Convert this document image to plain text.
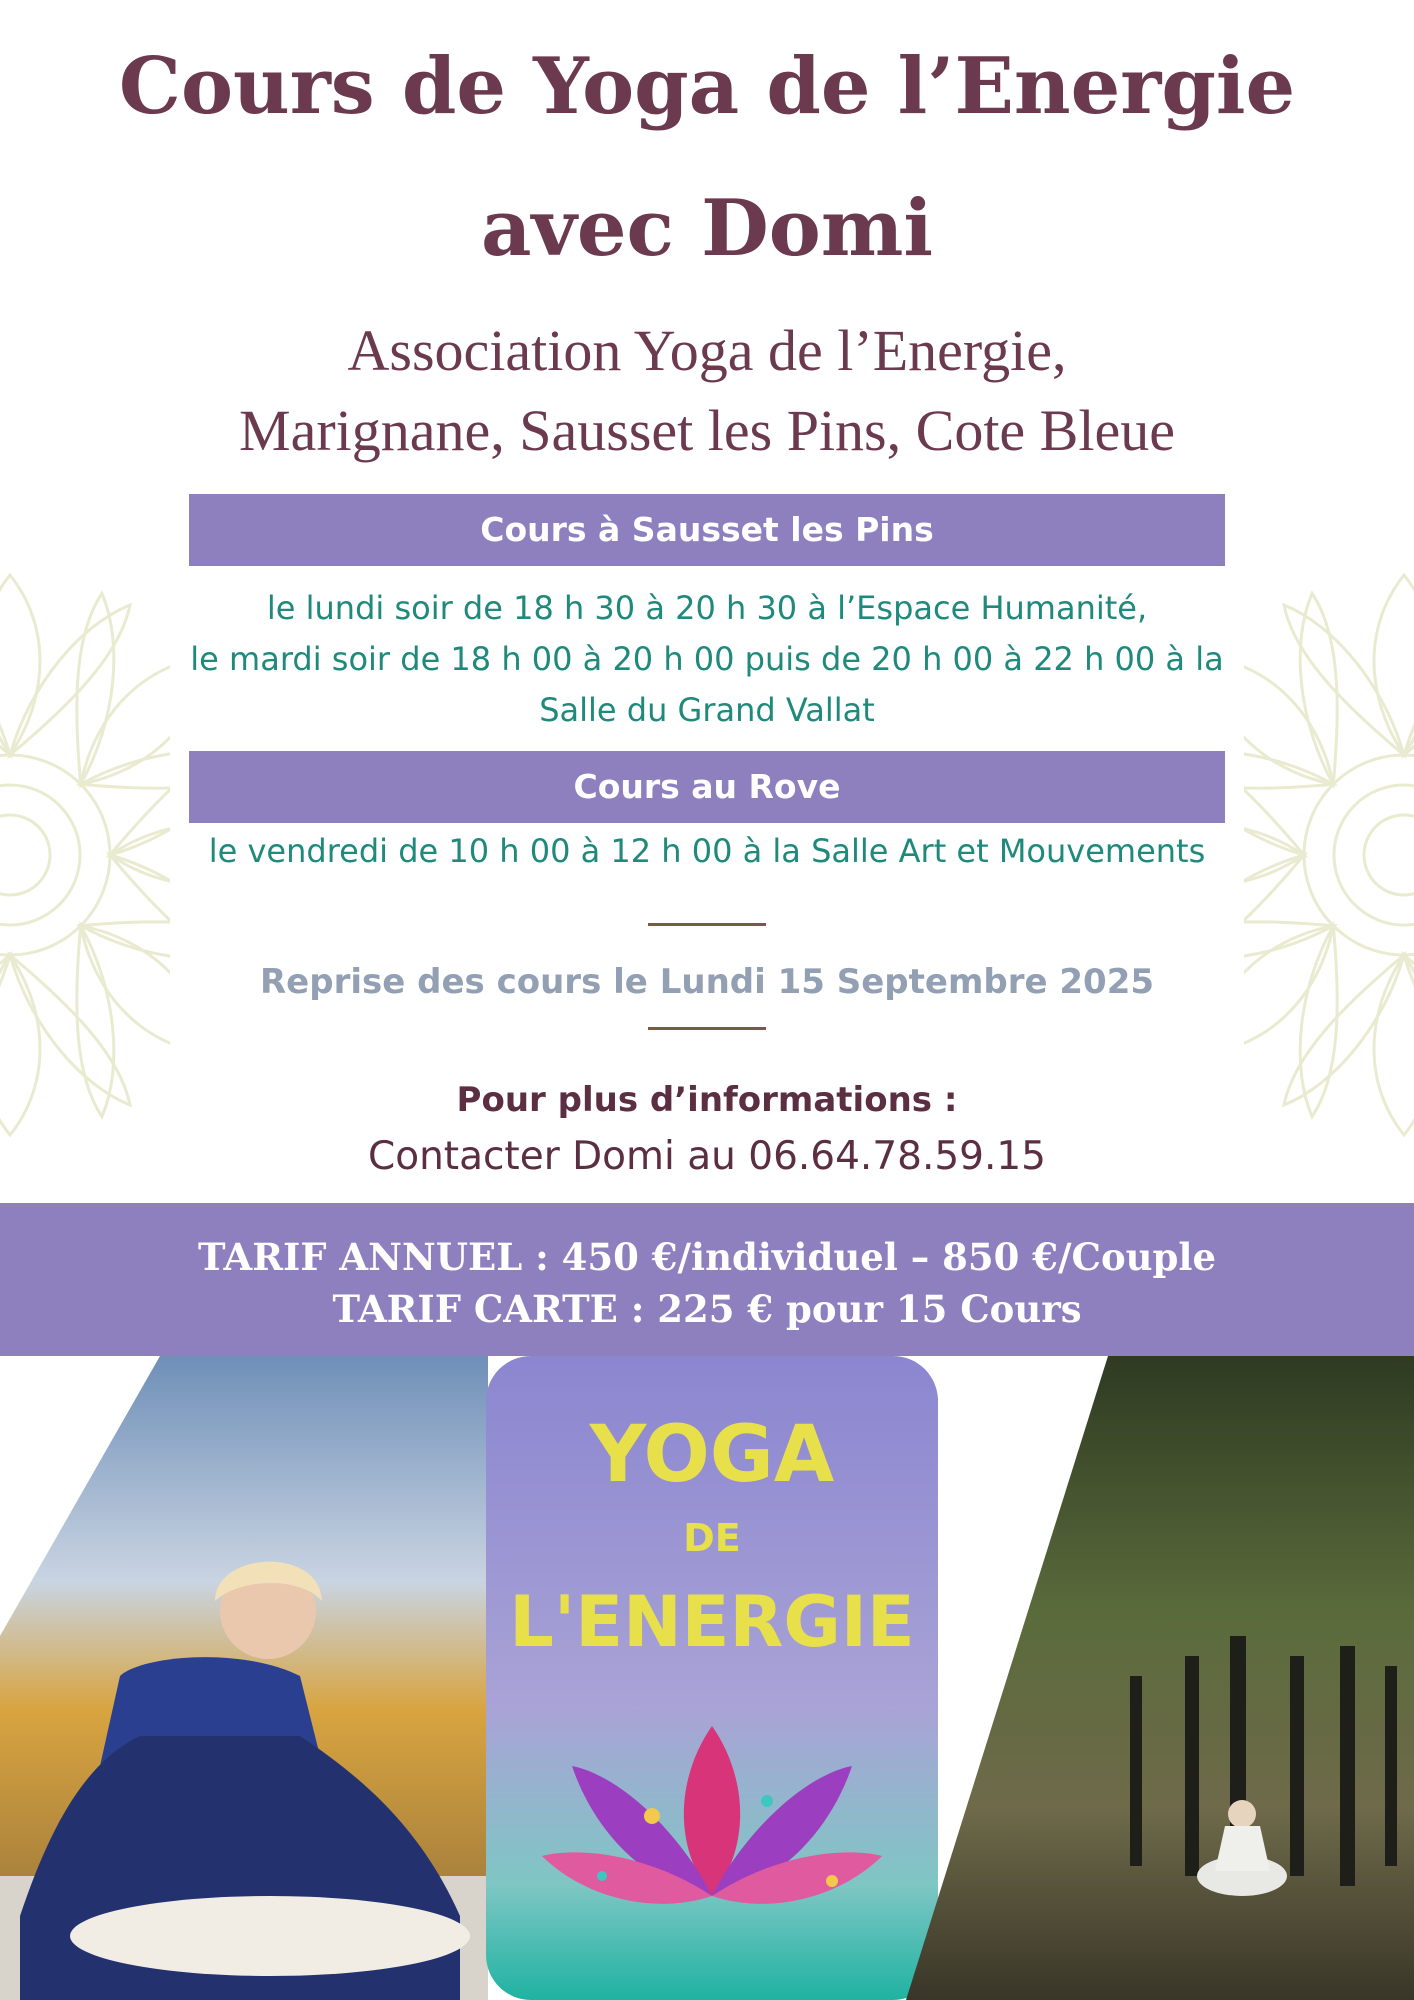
Cours de Yoga de l’Energie
avec Domi
Association Yoga de l’Energie,
Marignane, Sausset les Pins, Cote Bleue
Cours à Sausset les Pins
le lundi soir de 18 h 30 à 20 h 30 à l’Espace Humanité,
le mardi soir de 18 h 00 à 20 h 00 puis de 20 h 00 à 22 h 00 à la
Salle du Grand Vallat
Cours au Rove
le vendredi de 10 h 00 à 12 h 00 à la Salle Art et Mouvements
Reprise des cours le Lundi 15 Septembre 2025
Pour plus d’informations :
Contacter Domi au 06.64.78.59.15
TARIF ANNUEL : 450 €/individuel – 850 €/Couple
TARIF CARTE : 225 € pour 15 Cours
YOGA
DE
L'ENERGIE
